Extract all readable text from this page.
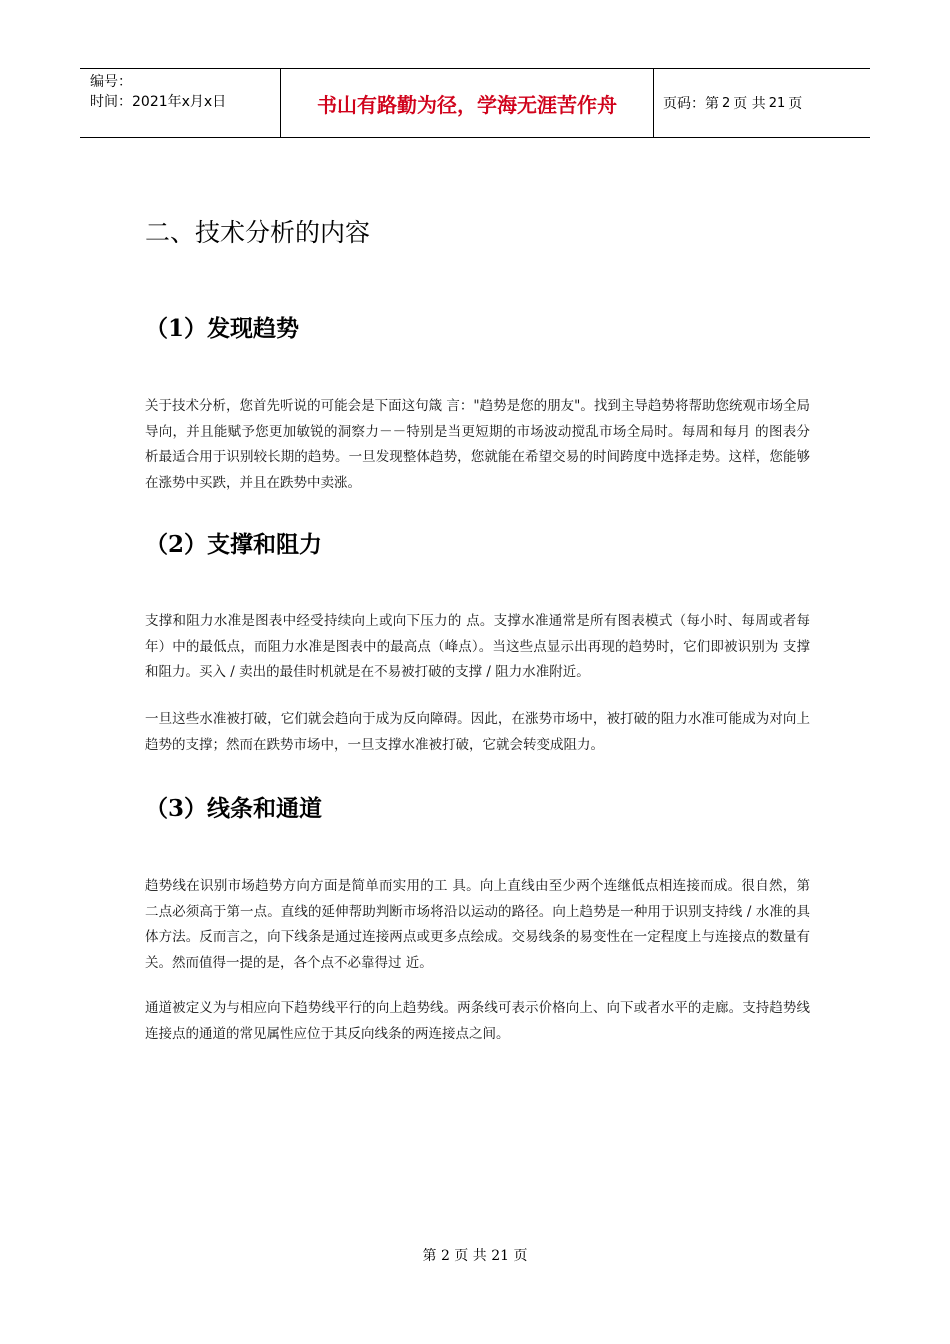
编号：
时间：2021年x月x日	书山有路勤为径，学海无涯苦作舟	页码：第 2 页 共 21 页
二、技术分析的内容
（1）发现趋势

关于技术分析，您首先听说的可能会是下面这句箴 言："趋势是您的朋友"。找到主导趋势将帮助您统观市场全局导向，并且能赋予您更加敏锐的洞察力－－特别是当更短期的市场波动搅乱市场全局时。每周和每月 的图表分析最适合用于识别较长期的趋势。一旦发现整体趋势，您就能在希望交易的时间跨度中选择走势。这样，您能够在涨势中买跌，并且在跌势中卖涨。

（2）支撑和阻力

支撑和阻力水准是图表中经受持续向上或向下压力的 点。支撑水准通常是所有图表模式（每小时、每周或者每年）中的最低点，而阻力水准是图表中的最高点（峰点）。当这些点显示出再现的趋势时，它们即被识别为 支撑和阻力。买入 / 卖出的最佳时机就是在不易被打破的支撑 / 阻力水准附近。

一旦这些水准被打破，它们就会趋向于成为反向障碍。因此，在涨势市场中，被打破的阻力水准可能成为对向上趋势的支撑；然而在跌势市场中，一旦支撑水准被打破，它就会转变成阻力。

（3）线条和通道

趋势线在识别市场趋势方向方面是简单而实用的工 具。向上直线由至少两个连继低点相连接而成。很自然，第二点必须高于第一点。直线的延伸帮助判断市场将沿以运动的路径。向上趋势是一种用于识别支持线 / 水准的具体方法。反而言之，向下线条是通过连接两点或更多点绘成。交易线条的易变性在一定程度上与连接点的数量有关。然而值得一提的是，各个点不必靠得过 近。

通道被定义为与相应向下趋势线平行的向上趋势线。两条线可表示价格向上、向下或者水平的走廊。支持趋势线连接点的通道的常见属性应位于其反向线条的两连接点之间。

第 2 页 共 21 页
